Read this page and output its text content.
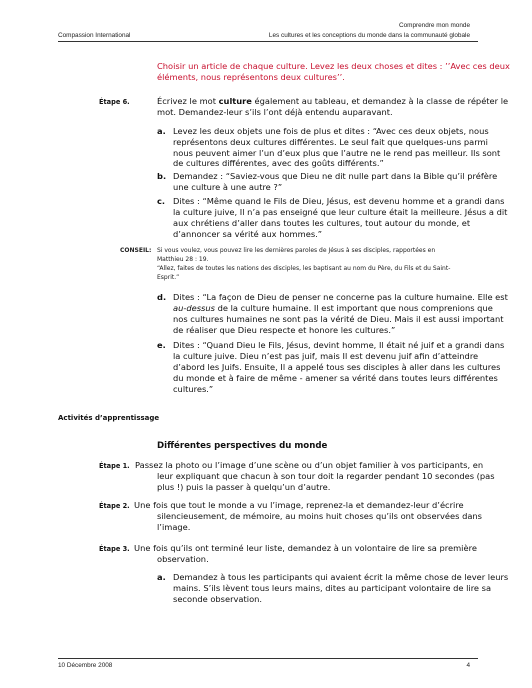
Compassion International
Comprendre mon monde
Les cultures et les conceptions du monde dans la communauté globale
Choisir un article de chaque culture. Levez les deux choses et dites : ’’Avec ces deux
éléments, nous représentons deux cultures’’.
Étape 6.	Écrivez le mot culture également au tableau, et demandez à la classe de répéter le
mot. Demandez-leur s’ils l’ont déjà entendu auparavant.
a. Levez les deux objets une fois de plus et dites : “Avec ces deux objets, nous
représentons deux cultures différentes. Le seul fait que quelques-uns parmi
nous peuvent aimer l’un d’eux plus que l’autre ne le rend pas meilleur. Ils sont
de cultures différentes, avec des goûts différents.”
b. Demandez : “Saviez-vous que Dieu ne dit nulle part dans la Bible qu’il préfère
une culture à une autre ?”
c. Dites : “Même quand le Fils de Dieu, Jésus, est devenu homme et a grandi dans
la culture juive, Il n’a pas enseigné que leur culture était la meilleure. Jésus a dit
aux chrétiens d’aller dans toutes les cultures, tout autour du monde, et
d’annoncer sa vérité aux hommes.”
CONSEIL: Si vous voulez, vous pouvez lire les dernières paroles de Jésus à ses disciples, rapportées en
Matthieu 28 : 19.
“Allez, faites de toutes les nations des disciples, les baptisant au nom du Père, du Fils et du Saint-
Esprit.”
d. Dites : “La façon de Dieu de penser ne concerne pas la culture humaine. Elle est
au-dessus de la culture humaine. Il est important que nous comprenions que
nos cultures humaines ne sont pas la vérité de Dieu. Mais il est aussi important
de réaliser que Dieu respecte et honore les cultures.”
e. Dites : “Quand Dieu le Fils, Jésus, devint homme, Il était né juif et a grandi dans
la culture juive. Dieu n’est pas juif, mais Il est devenu juif afin d’atteindre
d’abord les Juifs. Ensuite, Il a appelé tous ses disciples à aller dans les cultures
du monde et à faire de même - amener sa vérité dans toutes leurs différentes
cultures.”
Activités d’apprentissage
Différentes perspectives du monde
Étape 1. Passez la photo ou l’image d’une scène ou d’un objet familier à vos participants, en
leur expliquant que chacun à son tour doit la regarder pendant 10 secondes (pas
plus !) puis la passer à quelqu’un d’autre.
Étape 2. Une fois que tout le monde a vu l’image, reprenez-la et demandez-leur d’écrire
silencieusement, de mémoire, au moins huit choses qu’ils ont observées dans
l’image.
Étape 3. Une fois qu’ils ont terminé leur liste, demandez à un volontaire de lire sa première
observation.
a. Demandez à tous les participants qui avaient écrit la même chose de lever leurs
mains. S’ils lèvent tous leurs mains, dites au participant volontaire de lire sa
seconde observation.
10 Décembre 2008	4
